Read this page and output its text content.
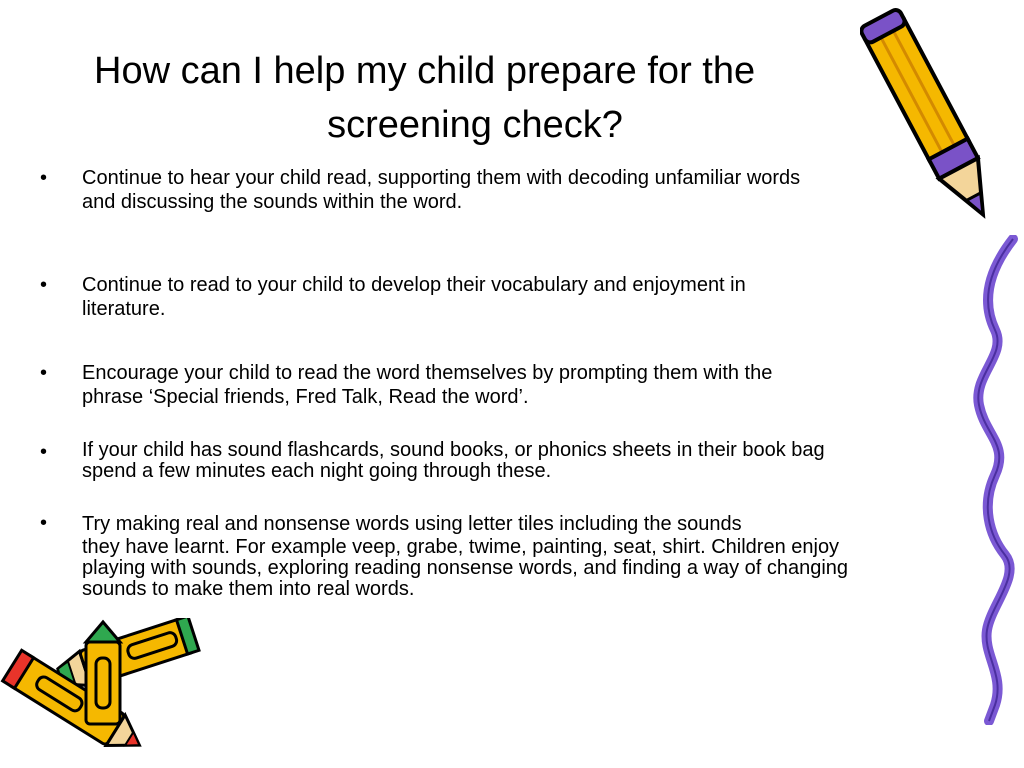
How can I help my child prepare for the
screening check?
• Continue to hear your child read, supporting them with decoding unfamiliar words
and discussing the sounds within the word.
• Continue to read to your child to develop their vocabulary and enjoyment in
literature.
• Encourage your child to read the word themselves by prompting them with the
phrase ‘Special friends, Fred Talk, Read the word’.
• If your child has sound flashcards, sound books, or phonics sheets in their book bag
spend a few minutes each night going through these.
• Try making real and nonsense words using letter tiles including the sounds
they have learnt. For example veep, grabe, twime, painting, seat, shirt. Children enjoy
playing with sounds, exploring reading nonsense words, and finding a way of changing
sounds to make them into real words.
